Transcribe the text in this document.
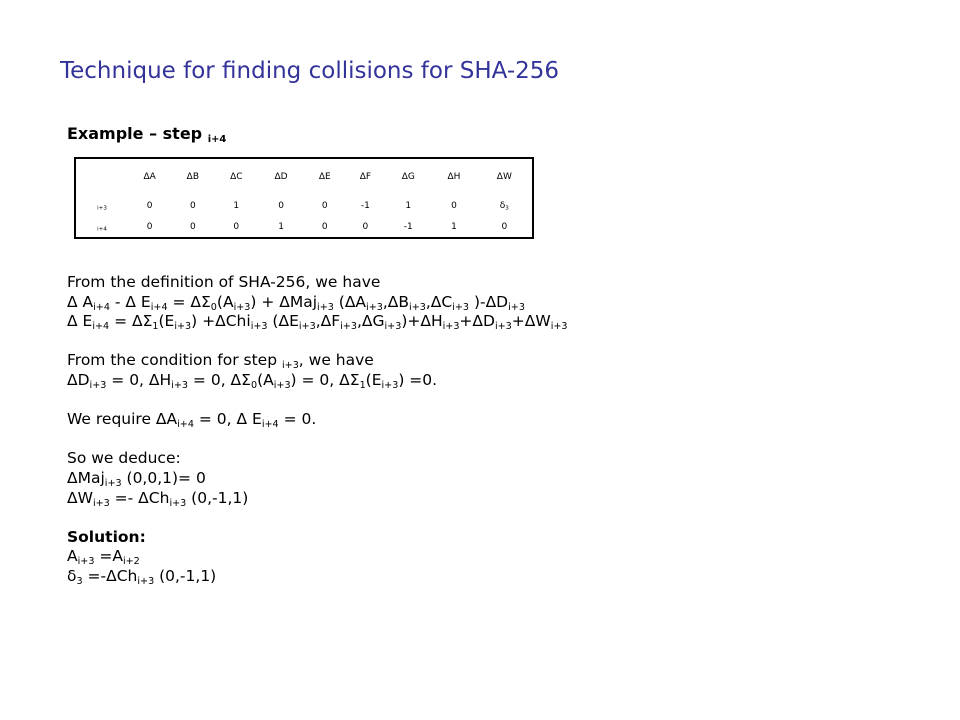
Technique for finding collisions for SHA-256
Example – step $_{i+4}$
	ΔA	ΔB	ΔC	ΔD	ΔE	ΔF	ΔG	ΔH	ΔW
$_{i+3}$	0	0	1	0	0	-1	1	0	$\delta_3$
$_{i+4}$	0	0	0	1	0	0	-1	1	0
From the definition of SHA-256, we have
Δ $A_{i+4}$ - Δ $E_{i+4} = \Delta\Sigma_0(A_{i+3}) + \Delta Maj_{i+3}$ ($\Delta A_{i+3},\Delta B_{i+3},\Delta C_{i+3}$ )$-\Delta D_{i+3}$
Δ $E_{i+4} = \Delta\Sigma_1(E_{i+3}) +\Delta Chi_{i+3}$ $(\Delta E_{i+3},\Delta F_{i+3},\Delta G_{i+3})+\Delta H_{i+3}+\Delta D_{i+3}+\Delta W_{i+3}$
From the condition for step $_{i+3}$, we have
$\Delta D_{i+3} = 0$, $\Delta H_{i+3} = 0$, $\Delta\Sigma_0(A_{i+3}) = 0$, $\Delta\Sigma_1(E_{i+3}) =0$.
We require $\Delta A_{i+4} = 0$, Δ $E_{i+4} = 0$.
So we deduce:
ΔMaj$_{i+3}$ (0,0,1)= 0
$\Delta W_{i+3} =- \Delta Ch_{i+3}$ (0,-1,1)
Solution:
$A_{i+3} =A_{i+2}$
$\delta_3 =-\Delta Ch_{i+3}$ (0,-1,1)
